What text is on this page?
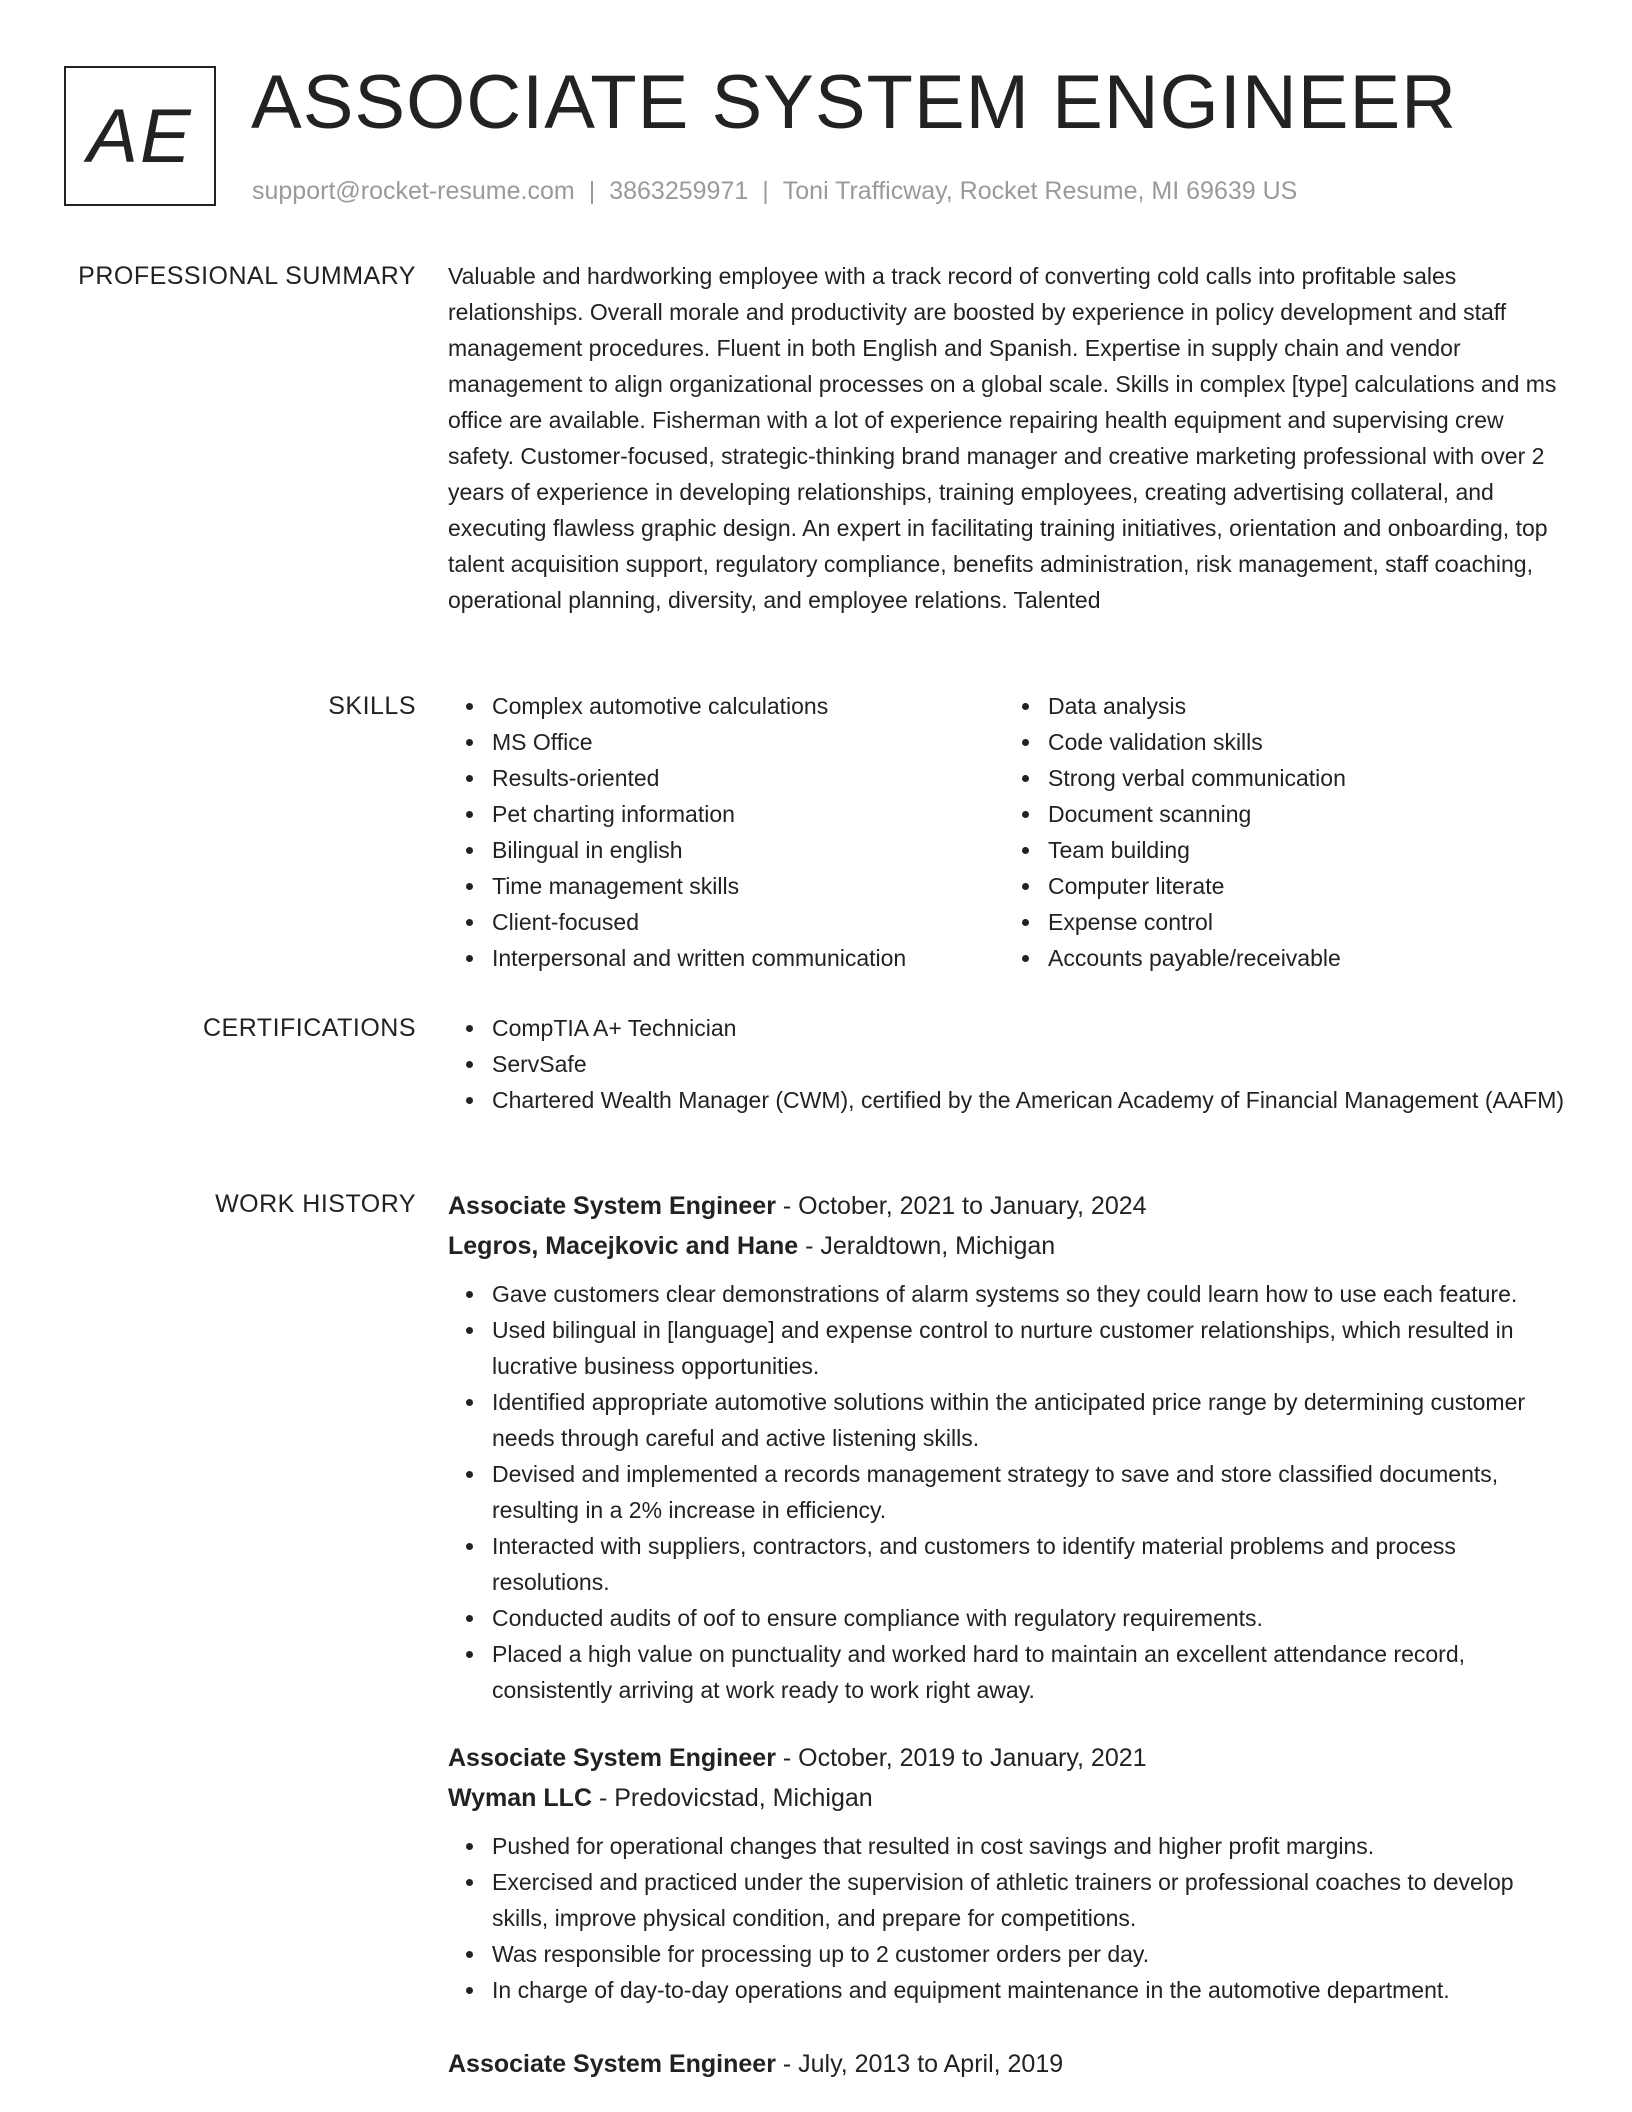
AE ASSOCIATE SYSTEM ENGINEER
support@rocket-resume.com | 3863259971 | Toni Trafficway, Rocket Resume, MI 69639 US
PROFESSIONAL SUMMARY Valuable and hardworking employee with a track record of converting cold calls into profitable sales relationships. Overall morale and productivity are boosted by experience in policy development and staff management procedures. Fluent in both English and Spanish. Expertise in supply chain and vendor management to align organizational processes on a global scale. Skills in complex [type] calculations and ms office are available. Fisherman with a lot of experience repairing health equipment and supervising crew safety. Customer-focused, strategic-thinking brand manager and creative marketing professional with over 2 years of experience in developing relationships, training employees, creating advertising collateral, and executing flawless graphic design. An expert in facilitating training initiatives, orientation and onboarding, top talent acquisition support, regulatory compliance, benefits administration, risk management, staff coaching, operational planning, diversity, and employee relations. Talented

SKILLS	Complex automotive calculations
MS Office
Results-oriented
Pet charting information
Bilingual in english
Time management skills
Client-focused
Interpersonal and written communication
Data analysis
Code validation skills
Strong verbal communication
Document scanning
Team building
Computer literate
Expense control
Accounts payable/receivable
CERTIFICATIONS	CompTIA A+ Technician
ServSafe
Chartered Wealth Manager (CWM), certified by the American Academy of Financial Management (AAFM)
WORK HISTORY Associate System Engineer - October, 2021 to January, 2024
Legros, Macejkovic and Hane - Jeraldtown, Michigan
Gave customers clear demonstrations of alarm systems so they could learn how to use each feature.
Used bilingual in [language] and expense control to nurture customer relationships, which resulted in lucrative business opportunities.
Identified appropriate automotive solutions within the anticipated price range by determining customer needs through careful and active listening skills.
Devised and implemented a records management strategy to save and store classified documents, resulting in a 2% increase in efficiency.
Interacted with suppliers, contractors, and customers to identify material problems and process resolutions.
Conducted audits of oof to ensure compliance with regulatory requirements.
Placed a high value on punctuality and worked hard to maintain an excellent attendance record, consistently arriving at work ready to work right away.
Associate System Engineer - October, 2019 to January, 2021
Wyman LLC - Predovicstad, Michigan
Pushed for operational changes that resulted in cost savings and higher profit margins.
Exercised and practiced under the supervision of athletic trainers or professional coaches to develop skills, improve physical condition, and prepare for competitions.
Was responsible for processing up to 2 customer orders per day.
In charge of day-to-day operations and equipment maintenance in the automotive department.
Associate System Engineer - July, 2013 to April, 2019
